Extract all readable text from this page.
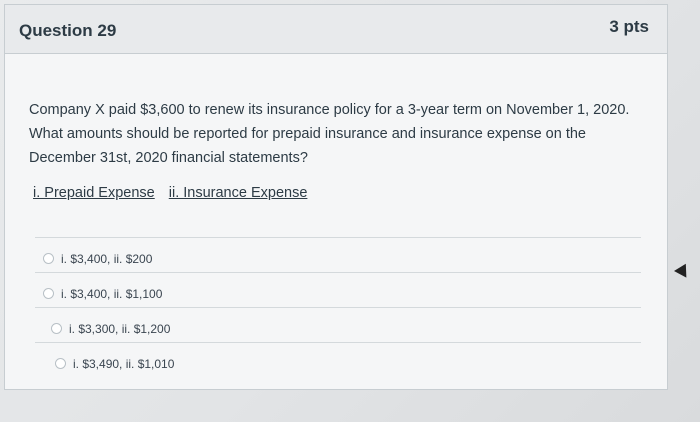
Question 29	3 pts
Company X paid $3,600 to renew its insurance policy for a 3-year term on November 1, 2020. What amounts should be reported for prepaid insurance and insurance expense on the December 31st, 2020 financial statements?
i. Prepaid Expense ii. Insurance Expense
i. $3,400, ii. $200
i. $3,400, ii. $1,100
i. $3,300, ii. $1,200
i. $3,490, ii. $1,010
